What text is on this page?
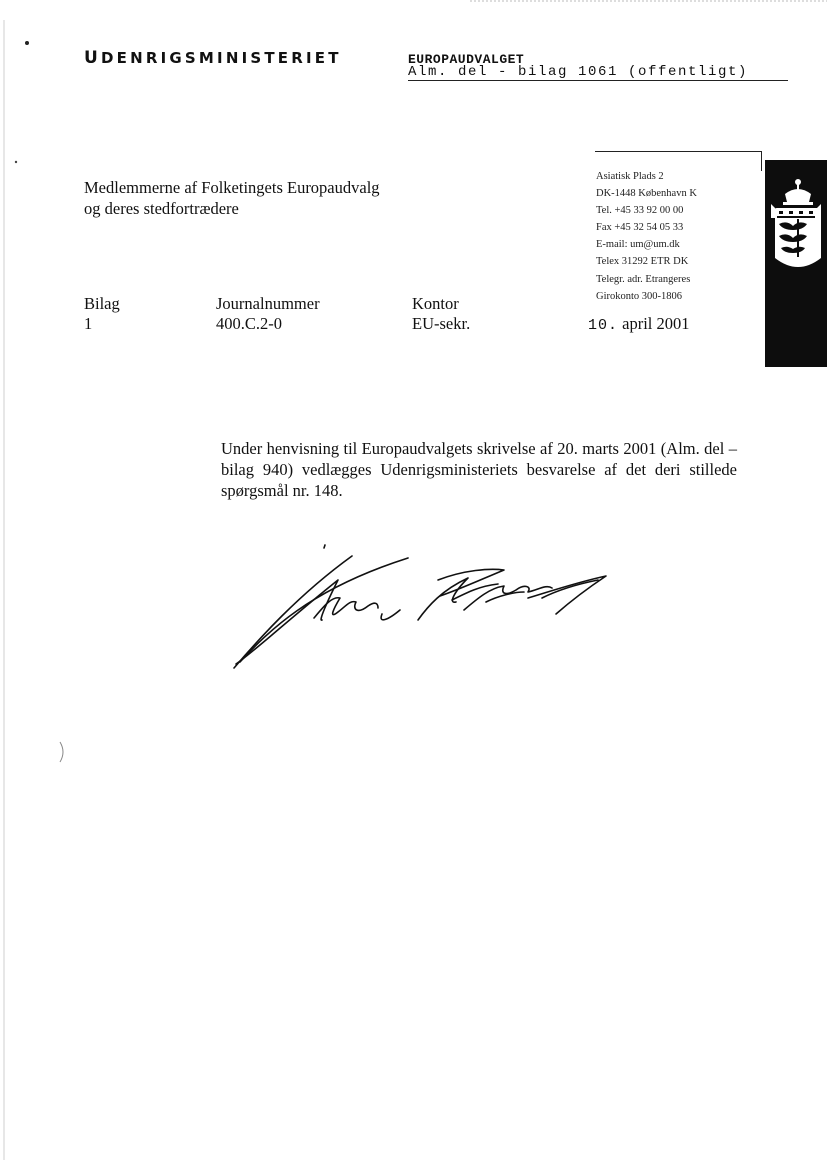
UDENRIGSMINISTERIET	EUROPAUDVALGET
Alm. del - bilag 1061 (offentligt)
Medlemmerne af Folketingets Europaudvalg
og deres stedfortrædere
Asiatisk Plads 2
DK-1448 København K
Tel. +45 33 92 00 00
Fax +45 32 54 05 33
E-mail: um@um.dk
Telex 31292 ETR DK
Telegr. adr. Etrangeres
Girokonto 300-1806
Bilag
1
Journalnummer
400.C.2-0
Kontor
EU-sekr.	10. april 2001
Under henvisning til Europaudvalgets skrivelse af 20. marts 2001 (Alm. del – bilag 940) vedlægges Udenrigsministeriets besvarelse af det deri stillede spørgsmål nr. 148.
